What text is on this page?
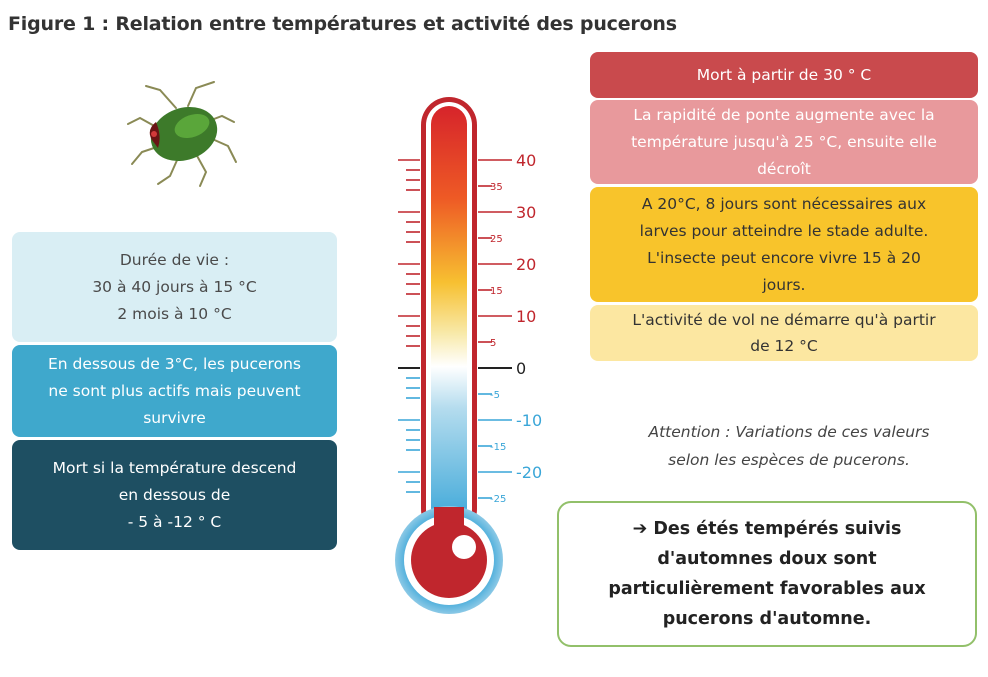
Figure 1 : Relation entre températures et activité des pucerons
Durée de vie :
30 à 40 jours à 15 °C
2 mois à 10 °C
En dessous de 3°C, les pucerons
ne sont plus actifs mais peuvent
survivre
Mort si la température descend
en dessous de
- 5 à -12 ° C
40
30
20
10
0
-10
-20
35
25
15
5
-5
-15
-25
Mort à partir de 30 ° C
La rapidité de ponte augmente avec la
température jusqu'à 25 °C, ensuite elle
décroît
A 20°C, 8 jours sont nécessaires aux
larves pour atteindre le stade adulte.
L'insecte peut encore vivre 15 à 20
jours.
L'activité de vol ne démarre qu'à partir
de 12 °C
Attention : Variations de ces valeurs
selon les espèces de pucerons.
➔ Des étés tempérés suivis
d'automnes doux sont
particulièrement favorables aux
pucerons d'automne.
